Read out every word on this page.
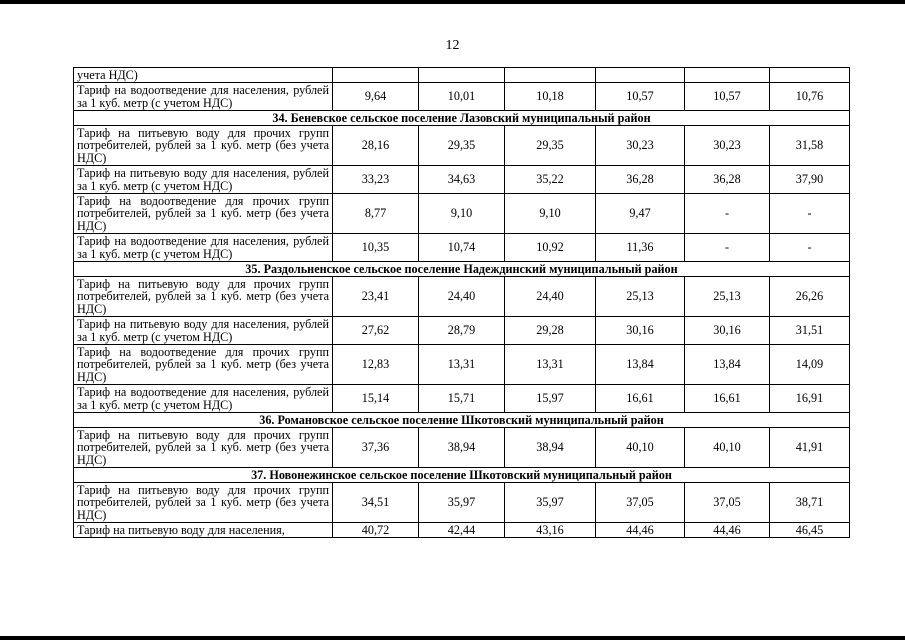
12
учета НДС)						
Тариф на водоотведение для населения, рублей за 1 куб. метр (с учетом НДС)	9,64	10,01	10,18	10,57	10,57	10,76
34. Беневское сельское поселение Лазовский муниципальный район						
Тариф на питьевую воду для прочих групп потребителей, рублей за 1 куб. метр (без учета НДС)	28,16	29,35	29,35	30,23	30,23	31,58
Тариф на питьевую воду для населения, рублей за 1 куб. метр (с учетом НДС)	33,23	34,63	35,22	36,28	36,28	37,90
Тариф на водоотведение для прочих групп потребителей, рублей за 1 куб. метр (без учета НДС)	8,77	9,10	9,10	9,47	-	-
Тариф на водоотведение для населения, рублей за 1 куб. метр (с учетом НДС)	10,35	10,74	10,92	11,36	-	-
35. Раздольненское сельское поселение Надеждинский муниципальный район						
Тариф на питьевую воду для прочих групп потребителей, рублей за 1 куб. метр (без учета НДС)	23,41	24,40	24,40	25,13	25,13	26,26
Тариф на питьевую воду для населения, рублей за 1 куб. метр (с учетом НДС)	27,62	28,79	29,28	30,16	30,16	31,51
Тариф на водоотведение для прочих групп потребителей, рублей за 1 куб. метр (без учета НДС)	12,83	13,31	13,31	13,84	13,84	14,09
Тариф на водоотведение для населения, рублей за 1 куб. метр (с учетом НДС)	15,14	15,71	15,97	16,61	16,61	16,91
36. Романовское сельское поселение Шкотовский муниципальный район						
Тариф на питьевую воду для прочих групп потребителей, рублей за 1 куб. метр (без учета НДС)	37,36	38,94	38,94	40,10	40,10	41,91
37. Новонежинское сельское поселение Шкотовский муниципальный район						
Тариф на питьевую воду для прочих групп потребителей, рублей за 1 куб. метр (без учета НДС)	34,51	35,97	35,97	37,05	37,05	38,71
Тариф на питьевую воду для населения,	40,72	42,44	43,16	44,46	44,46	46,45
